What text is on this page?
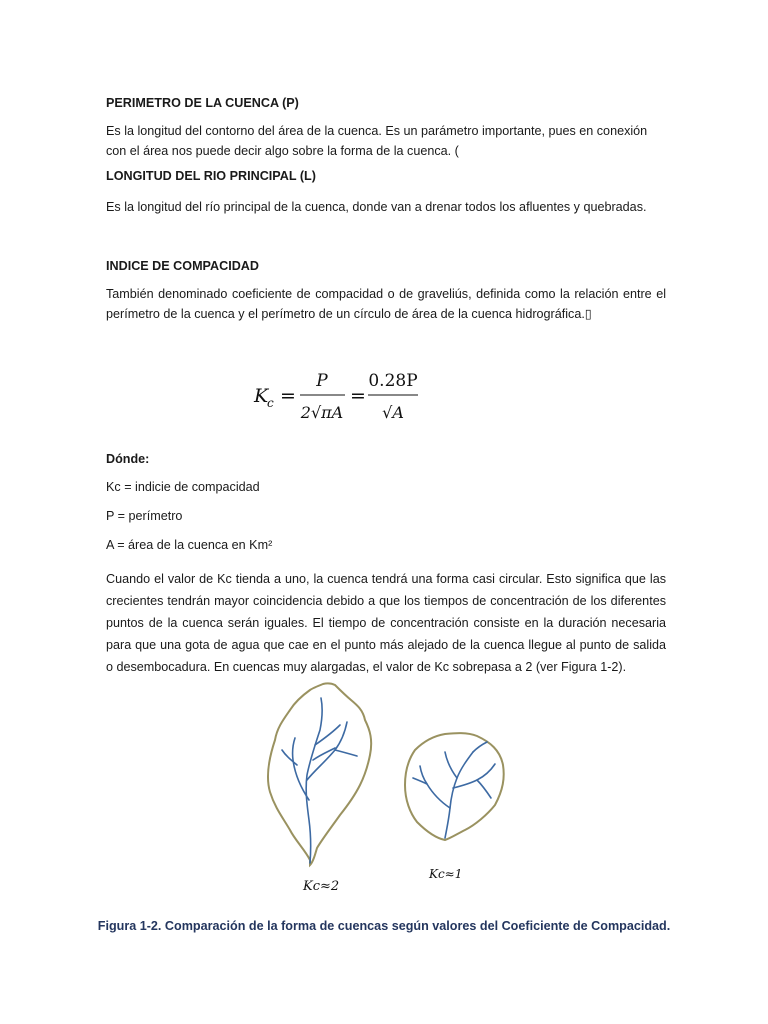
PERIMETRO DE LA CUENCA (P)

Es la longitud del contorno del área de la cuenca. Es un parámetro importante, pues en conexión con el área nos puede decir algo sobre la forma de la cuenca. (

LONGITUD DEL RIO PRINCIPAL (L)

Es la longitud del río principal de la cuenca, donde van a drenar todos los afluentes y quebradas.

INDICE DE COMPACIDAD

También denominado coeficiente de compacidad o de graveliús, definida como la relación entre el perímetro de la cuenca y el perímetro de un círculo de área de la cuenca hidrográfica.▯

K
c =
P
2√πA
=
0.28P
√A

Dónde:

Kc = indicie de compacidad

P = perímetro

A = área de la cuenca en Km²

Cuando el valor de Kc tienda a uno, la cuenca tendrá una forma casi circular. Esto significa que las crecientes tendrán mayor coincidencia debido a que los tiempos de concentración de los diferentes puntos de la cuenca serán iguales. El tiempo de concentración consiste en la duración necesaria para que una gota de agua que cae en el punto más alejado de la cuenca llegue al punto de salida o desembocadura. En cuencas muy alargadas, el valor de Kc sobrepasa a 2 (ver Figura 1-2).

Kc≈2
Kc≈1

Figura 1-2. Comparación de la forma de cuencas según valores del Coeficiente de Compacidad.
